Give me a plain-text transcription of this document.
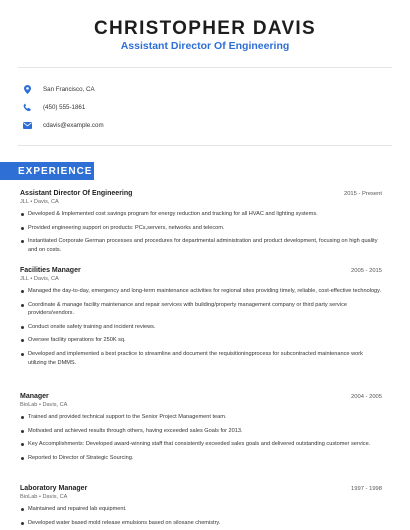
CHRISTOPHER DAVIS
Assistant Director Of Engineering
San Francisco, CA
(450) 555-1861
cdavis@example.com
EXPERIENCE
Assistant Director Of Engineering	2015 - Present
JLL • Davis, CA
Developed & Implemented cost savings program for energy reduction and tracking for all HVAC and lighting systems.
Provided engineering support on products: PCs,servers, networks and telecom.
Instantiated Corporate German processes and procedures for departmental administration and product development, focusing on high quality and on costs.
Facilities Manager	2005 - 2015
JLL • Davis, CA
Managed the day-to-day, emergency and long-term maintenance activities for regional sites providing timely, reliable, cost-effective technology.
Coordinate & manage facility maintenance and repair services with building/property management company or third party service providers/vendors.
Conduct onsite safety training and incident reviews.
Oversee facility operations for 250K sq.
Developed and implemented a best practice to streamline and document the requisitioningprocess for subcontracted maintenance work utilizing the DMMS.
Manager	2004 - 2005
BioLab • Davis, CA
Trained and provided technical support to the Senior Project Management team.
Motivated and achieved results through others, having exceeded sales Goals for 2013.
Key Accomplishments: Developed award-winning staff that consistently exceeded sales goals and delivered outstanding customer service.
Reported to Director of Strategic Sourcing.
Laboratory Manager	1997 - 1998
BioLab • Davis, CA
Maintained and repaired lab equipment.
Developed water based mold release emulsions based on siloxane chemistry.
